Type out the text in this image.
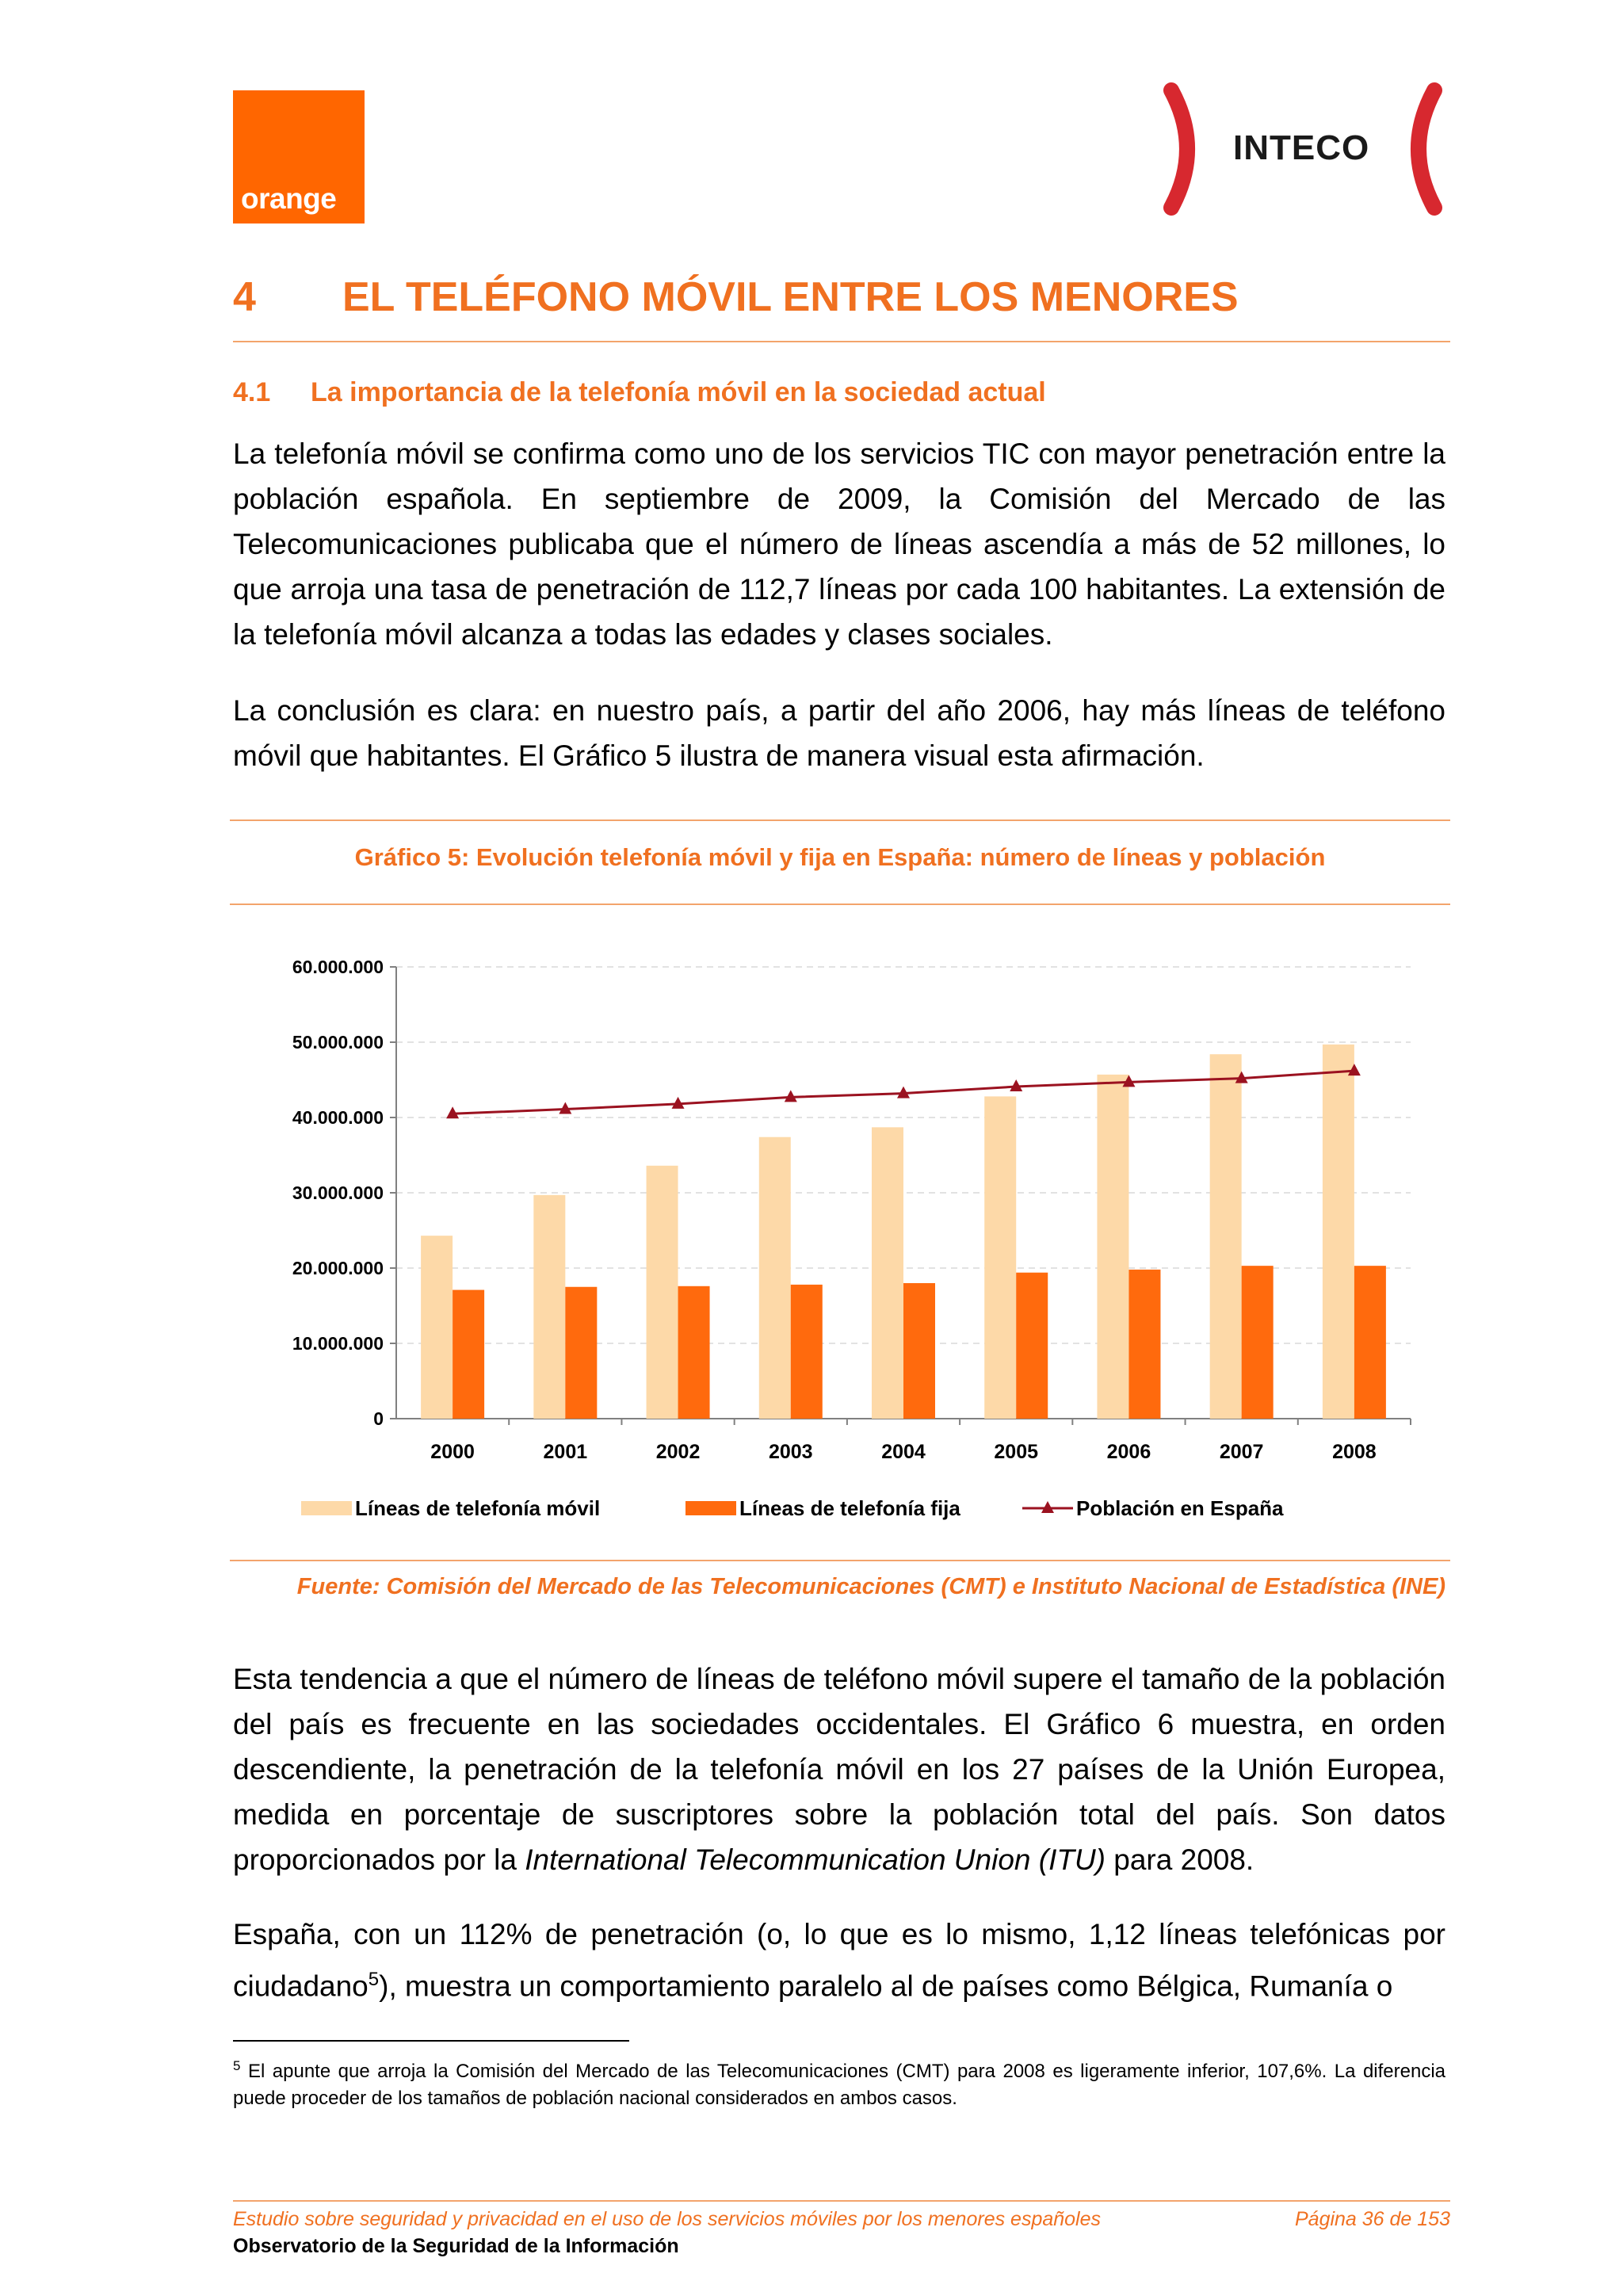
orange
INTECO
4 EL TELÉFONO MÓVIL ENTRE LOS MENORES
4.1 La importancia de la telefonía móvil en la sociedad actual
La telefonía móvil se confirma como uno de los servicios TIC con mayor penetración entre la población española. En septiembre de 2009, la Comisión del Mercado de las Telecomunicaciones publicaba que el número de líneas ascendía a más de 52 millones, lo que arroja una tasa de penetración de 112,7 líneas por cada 100 habitantes. La extensión de la telefonía móvil alcanza a todas las edades y clases sociales.
La conclusión es clara: en nuestro país, a partir del año 2006, hay más líneas de teléfono móvil que habitantes. El Gráfico 5 ilustra de manera visual esta afirmación.
Gráfico 5: Evolución telefonía móvil y fija en España: número de líneas y población
0
10.000.000
20.000.000
30.000.000
40.000.000
50.000.000
60.000.000
2000	2001	2002	2003	2004	2005	2006	2007	2008
Líneas de telefonía móvil	Líneas de telefonía fija	Población en España
Fuente: Comisión del Mercado de las Telecomunicaciones (CMT) e Instituto Nacional de Estadística (INE)
Esta tendencia a que el número de líneas de teléfono móvil supere el tamaño de la población del país es frecuente en las sociedades occidentales. El Gráfico 6 muestra, en orden descendiente, la penetración de la telefonía móvil en los 27 países de la Unión Europea, medida en porcentaje de suscriptores sobre la población total del país. Son datos proporcionados por la International Telecommunication Union (ITU) para 2008.
España, con un 112% de penetración (o, lo que es lo mismo, 1,12 líneas telefónicas por ciudadano$^5$), muestra un comportamiento paralelo al de países como Bélgica, Rumanía o
$^5$ El apunte que arroja la Comisión del Mercado de las Telecomunicaciones (CMT) para 2008 es ligeramente inferior, 107,6%. La diferencia puede proceder de los tamaños de población nacional considerados en ambos casos.
Estudio sobre seguridad y privacidad en el uso de los servicios móviles por los menores españoles	Página 36 de 153
Observatorio de la Seguridad de la Información
